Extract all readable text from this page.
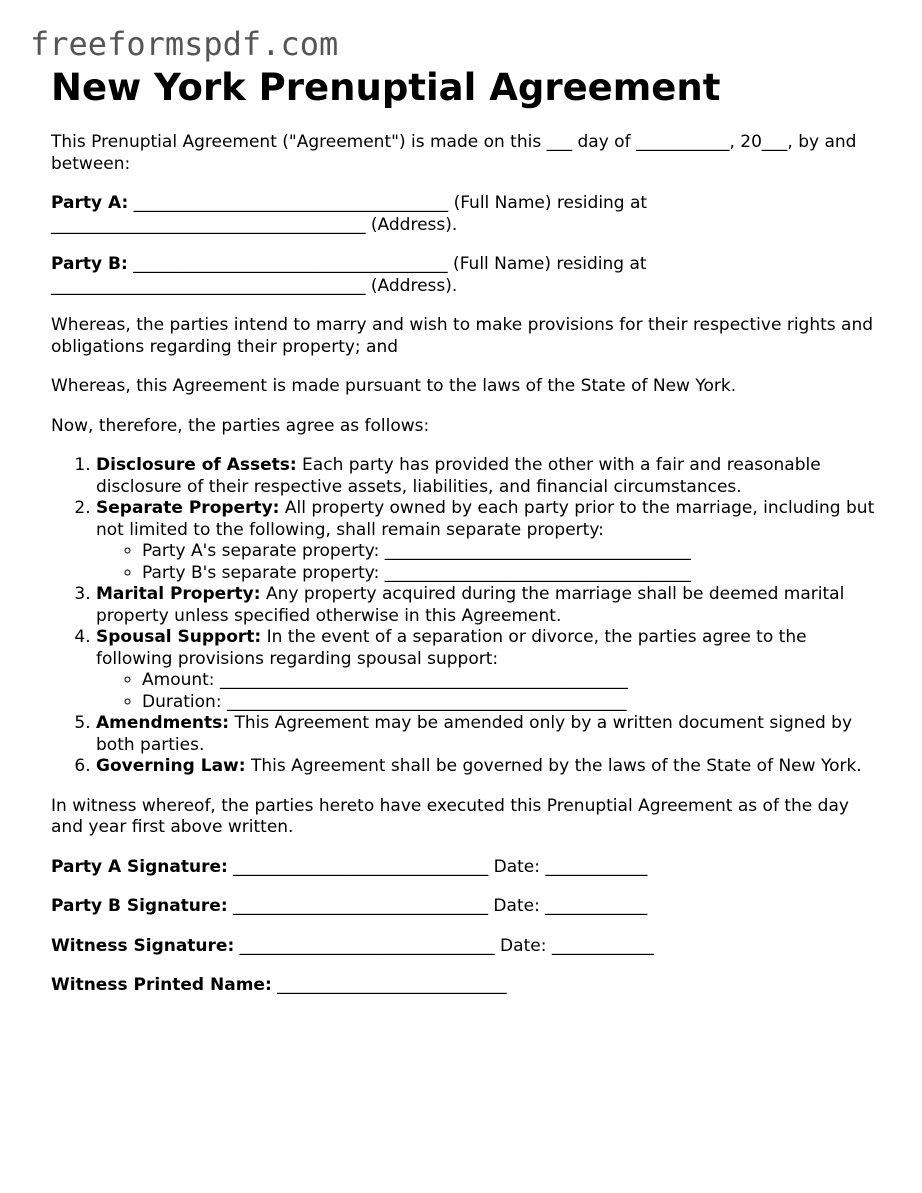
freeformspdf.com
New York Prenuptial Agreement

This Prenuptial Agreement ("Agreement") is made on this ___ day of ___________, 20___, by and between:

Party A: _____________________________________ (Full Name) residing at _____________________________________ (Address).

Party B: _____________________________________ (Full Name) residing at _____________________________________ (Address).

Whereas, the parties intend to marry and wish to make provisions for their respective rights and obligations regarding their property; and

Whereas, this Agreement is made pursuant to the laws of the State of New York.

Now, therefore, the parties agree as follows:

1. Disclosure of Assets: Each party has provided the other with a fair and reasonable disclosure of their respective assets, liabilities, and financial circumstances.
2. Separate Property: All property owned by each party prior to the marriage, including but not limited to the following, shall remain separate property:
◦ Party A's separate property: ____________________________________
◦ Party B's separate property: ____________________________________
3. Marital Property: Any property acquired during the marriage shall be deemed marital property unless specified otherwise in this Agreement.
4. Spousal Support: In the event of a separation or divorce, the parties agree to the following provisions regarding spousal support:
◦ Amount: ________________________________________________
◦ Duration: _______________________________________________
5. Amendments: This Agreement may be amended only by a written document signed by both parties.
6. Governing Law: This Agreement shall be governed by the laws of the State of New York.

In witness whereof, the parties hereto have executed this Prenuptial Agreement as of the day and year first above written.

Party A Signature: ______________________________ Date: ____________

Party B Signature: ______________________________ Date: ____________

Witness Signature: ______________________________ Date: ____________

Witness Printed Name: ___________________________
